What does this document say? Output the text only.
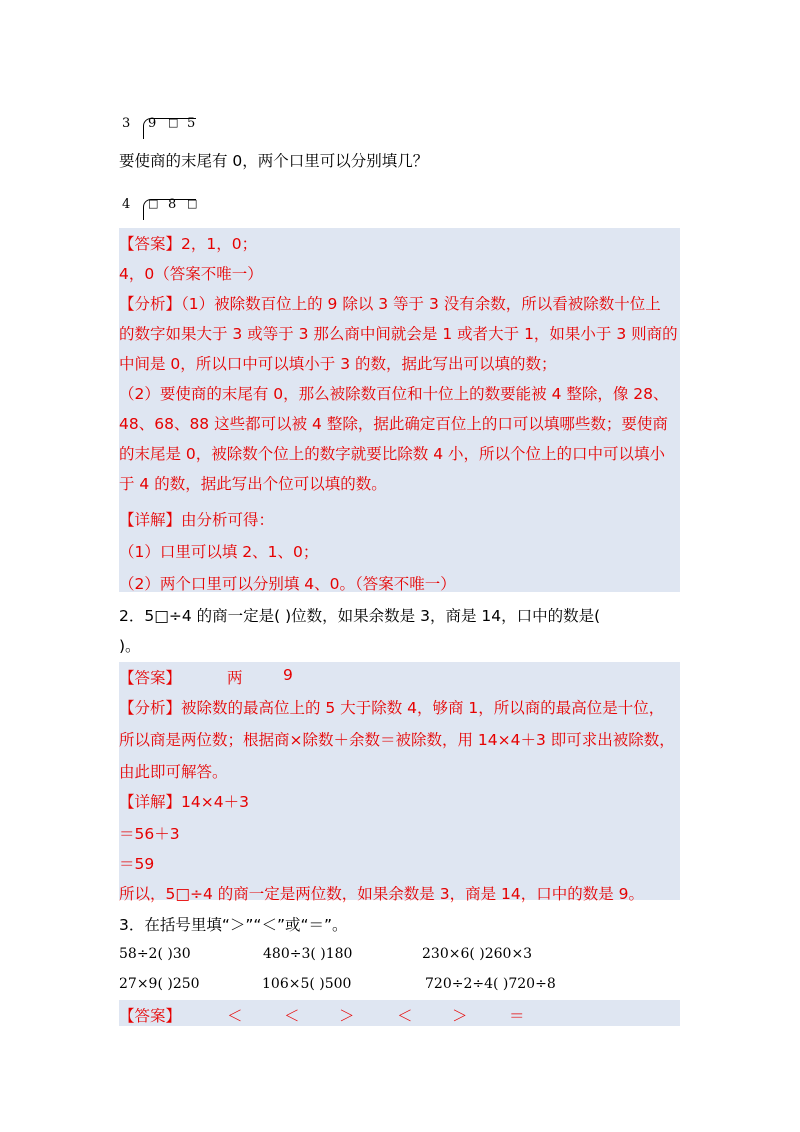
3 9 □ 5
要使商的末尾有 0，两个口里可以分别填几？
4 □ 8 □
【答案】2，1，0；
4，0（答案不唯一）
【分析】（1）被除数百位上的 9 除以 3 等于 3 没有余数，所以看被除数十位上
的数字如果大于 3 或等于 3 那么商中间就会是 1 或者大于 1，如果小于 3 则商的
中间是 0，所以口中可以填小于 3 的数，据此写出可以填的数；
（2）要使商的末尾有 0，那么被除数百位和十位上的数要能被 4 整除，像 28、
48、68、88 这些都可以被 4 整除，据此确定百位上的口可以填哪些数；要使商
的末尾是 0，被除数个位上的数字就要比除数 4 小，所以个位上的口中可以填小
于 4 的数，据此写出个位可以填的数。
【详解】由分析可得：
（1）口里可以填 2、1、0；
（2）两个口里可以分别填 4、0。（答案不唯一）
2．5□÷4 的商一定是( )位数，如果余数是 3，商是 14，口中的数是(
)。
【答案】	两	9
【分析】被除数的最高位上的 5 大于除数 4，够商 1，所以商的最高位是十位，
所以商是两位数；根据商×除数＋余数＝被除数，用 14×4＋3 即可求出被除数，
由此即可解答。
【详解】14×4＋3
＝56＋3
＝59
所以，5□÷4 的商一定是两位数，如果余数是 3，商是 14，口中的数是 9。
3．在括号里填“＞”“＜”或“＝”。
58÷2( )30	480÷3( )180	230×6( )260×3
27×9( )250	106×5( )500	720÷2÷4( )720÷8
【答案】	＜	＜	＞	＜	＞	＝
